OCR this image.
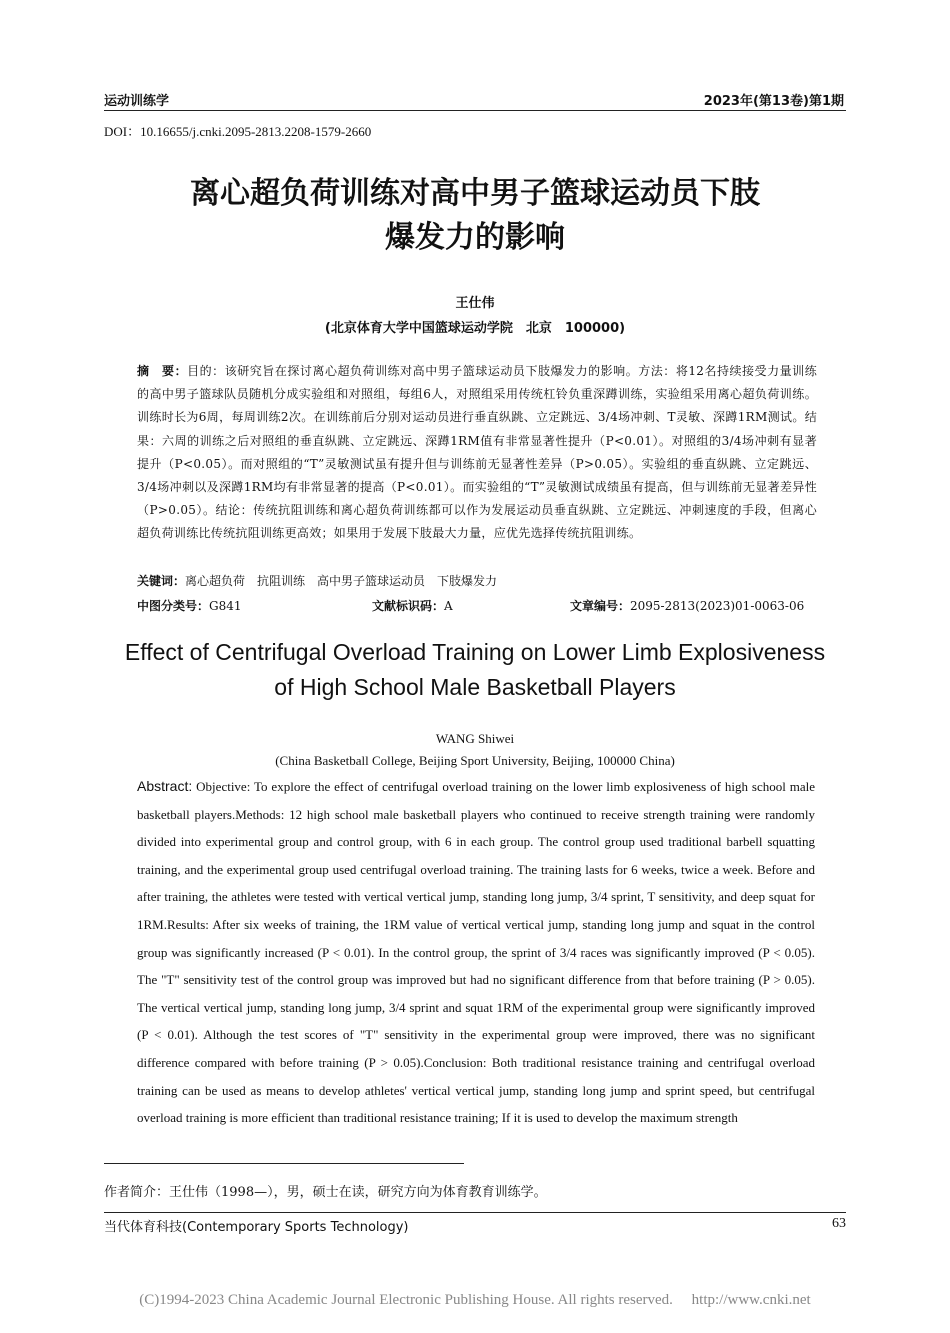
运动训练学	2023年(第13卷)第1期
DOI：10.16655/j.cnki.2095-2813.2208-1579-2660
离心超负荷训练对高中男子篮球运动员下肢
爆发力的影响
王仕伟
(北京体育大学中国篮球运动学院　北京　100000)
摘　要：目的：该研究旨在探讨离心超负荷训练对高中男子篮球运动员下肢爆发力的影响。方法：将12名持续接受力量训练的高中男子篮球队员随机分成实验组和对照组，每组6人，对照组采用传统杠铃负重深蹲训练，实验组采用离心超负荷训练。训练时长为6周，每周训练2次。在训练前后分别对运动员进行垂直纵跳、立定跳远、3/4场冲刺、T灵敏、深蹲1RM测试。结果：六周的训练之后对照组的垂直纵跳、立定跳远、深蹲1RM值有非常显著性提升（P<0.01）。对照组的3/4场冲刺有显著提升（P<0.05）。而对照组的“T”灵敏测试虽有提升但与训练前无显著性差异（P>0.05）。实验组的垂直纵跳、立定跳远、3/4场冲刺以及深蹲1RM均有非常显著的提高（P<0.01）。而实验组的“T”灵敏测试成绩虽有提高，但与训练前无显著差异性（P>0.05）。结论：传统抗阻训练和离心超负荷训练都可以作为发展运动员垂直纵跳、立定跳远、冲刺速度的手段，但离心超负荷训练比传统抗阻训练更高效；如果用于发展下肢最大力量，应优先选择传统抗阻训练。
关键词：离心超负荷　抗阻训练　高中男子篮球运动员　下肢爆发力
中图分类号：G841	文献标识码：A	文章编号：2095-2813(2023)01-0063-06
Effect of Centrifugal Overload Training on Lower Limb Explosiveness
of High School Male Basketball Players
WANG Shiwei
(China Basketball College, Beijing Sport University, Beijing, 100000 China)
Abstract: Objective: To explore the effect of centrifugal overload training on the lower limb explosiveness of high school male basketball players.Methods: 12 high school male basketball players who continued to receive strength training were randomly divided into experimental group and control group, with 6 in each group. The control group used traditional barbell squatting training, and the experimental group used centrifugal overload training. The training lasts for 6 weeks, twice a week. Before and after training, the athletes were tested with vertical vertical jump, standing long jump, 3/4 sprint, T sensitivity, and deep squat for 1RM.Results: After six weeks of training, the 1RM value of vertical vertical jump, standing long jump and squat in the control group was significantly increased (P < 0.01). In the control group, the sprint of 3/4 races was significantly improved (P < 0.05). The "T" sensitivity test of the control group was improved but had no significant difference from that before training (P > 0.05). The vertical vertical jump, standing long jump, 3/4 sprint and squat 1RM of the experimental group were significantly improved (P < 0.01). Although the test scores of "T" sensitivity in the experimental group were improved, there was no significant difference compared with before training (P > 0.05).Conclusion: Both traditional resistance training and centrifugal overload training can be used as means to develop athletes' vertical vertical jump, standing long jump and sprint speed, but centrifugal overload training is more efficient than traditional resistance training; If it is used to develop the maximum strength
作者简介：王仕伟（1998—），男，硕士在读，研究方向为体育教育训练学。
当代体育科技(Contemporary Sports Technology)	63
(C)1994-2023 China Academic Journal Electronic Publishing House. All rights reserved.　 http://www.cnki.net
